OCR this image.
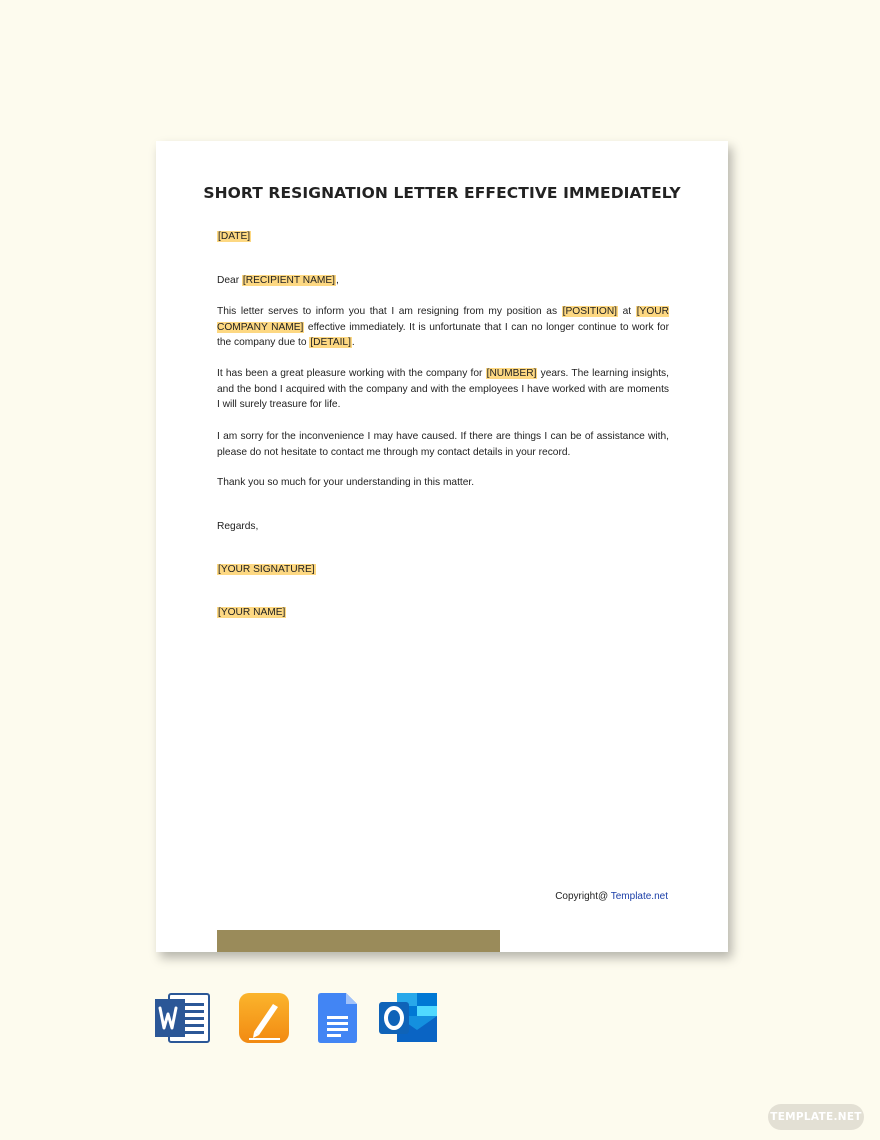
SHORT RESIGNATION LETTER EFFECTIVE IMMEDIATELY
[DATE]
Dear [RECIPIENT NAME],
This letter serves to inform you that I am resigning from my position as [POSITION] at [YOUR COMPANY NAME] effective immediately. It is unfortunate that I can no longer continue to work for the company due to [DETAIL].
It has been a great pleasure working with the company for [NUMBER] years. The learning insights, and the bond I acquired with the company and with the employees I have worked with are moments I will surely treasure for life.
I am sorry for the inconvenience I may have caused. If there are things I can be of assistance with, please do not hesitate to contact me through my contact details in your record.
Thank you so much for your understanding in this matter.
Regards,
[YOUR SIGNATURE]
[YOUR NAME]
Copyright@ Template.net
TEMPLATE.NET
